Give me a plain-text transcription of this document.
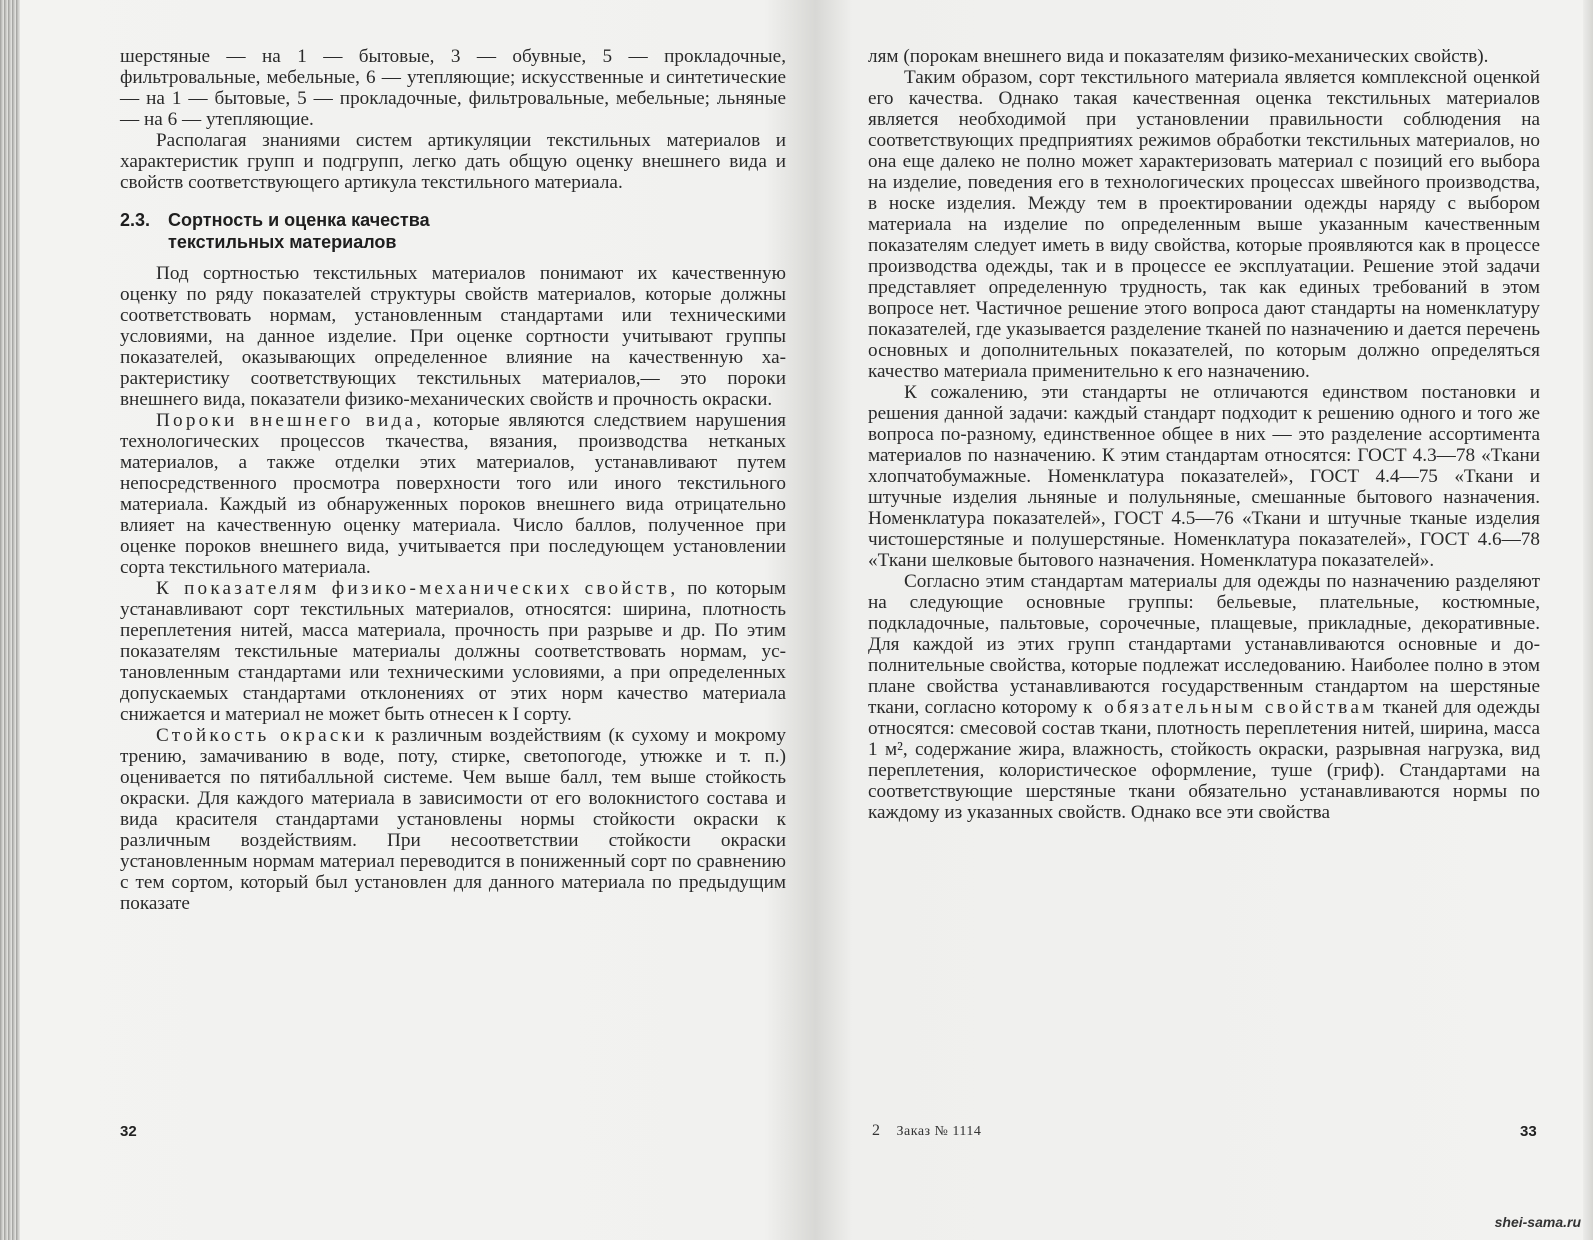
шерстяные — на 1 — бытовые, 3 — обувные, 5 — прокладочные, фильтровальные, мебельные, 6 — утепляющие; искусственные и синтетические — на 1 — бытовые, 5 — прокладочные, фильтровальные, мебельные; льняные — на 6 — утепляющие.

Располагая знаниями систем артикуляции текстильных материалов и характеристик групп и подгрупп, легко дать общую оценку внешнего вида и свойств соответствующего артикула текстильного материала.

2.3. Сортность и оценка качества
текстильных материалов

Под сортностью текстильных материалов понимают их качественную оценку по ряду показателей структуры свойств материалов, которые должны соответствовать нормам, установленным стандартами или техническими условиями, на данное изделие. При оценке сортности учитывают группы показателей, оказывающих определенное влияние на качественную характеристику соответствующих текстильных материалов,— это пороки внешнего вида, показатели физико-механических свойств и прочность окраски.

Пороки внешнего вида, которые являются следствием нарушения технологических процессов ткачества, вязания, производства нетканых материалов, а также отделки этих материалов, устанавливают путем непосредственного просмотра поверхности того или иного текстильного материала. Каждый из обнаруженных пороков внешнего вида отрицательно влияет на качественную оценку материала. Число баллов, полученное при оценке пороков внешнего вида, учитывается при последующем установлении сорта текстильного материала.

К показателям физико-механических свойств, по которым устанавливают сорт текстильных материалов, относятся: ширина, плотность переплетения нитей, масса материала, прочность при разрыве и др. По этим показателям текстильные материалы должны соответствовать нормам, установленным стандартами или техническими условиями, а при определенных допускаемых стандартами отклонениях от этих норм качество материала снижается и материал не может быть отнесен к I сорту.

Стойкость окраски к различным воздействиям (к сухому и мокрому трению, замачиванию в воде, поту, стирке, светопогоде, утюжке и т. п.) оценивается по пятибалльной системе. Чем выше балл, тем выше стойкость окраски. Для каждого материала в зависимости от его волокнистого состава и вида красителя стандартами установлены нормы стойкости окраски к различным воздействиям. При несоответствии стойкости окраски установленным нормам материал переводится в пониженный сорт по сравнению с тем сортом, который был установлен для данного материала по предыдущим показате

32

лям (порокам внешнего вида и показателям физико-механических свойств).

Таким образом, сорт текстильного материала является комплексной оценкой его качества. Однако такая качественная оценка текстильных материалов является необходимой при установлении правильности соблюдения на соответствующих предприятиях режимов обработки текстильных материалов, но она еще далеко не полно может характеризовать материал с позиций его выбора на изделие, поведения его в технологических процессах швейного производства, в носке изделия. Между тем в проектировании одежды наряду с выбором материала на изделие по определенным выше указанным качественным показателям следует иметь в виду свойства, которые проявляются как в процессе производства одежды, так и в процессе ее эксплуатации. Решение этой задачи представляет определенную трудность, так как единых требований в этом вопросе нет. Частичное решение этого вопроса дают стандарты на номенклатуру показателей, где указывается разделение тканей по назначению и дается перечень основных и дополнительных показателей, по которым должно определяться качество материала применительно к его назначению.

К сожалению, эти стандарты не отличаются единством постановки и решения данной задачи: каждый стандарт подходит к решению одного и того же вопроса по-разному, единственное общее в них — это разделение ассортимента материалов по назначению. К этим стандартам относятся: ГОСТ 4.3—78 «Ткани хлопчатобумажные. Номенклатура показателей», ГОСТ 4.4—75 «Ткани и штучные изделия льняные и полульняные, смешанные бытового назначения. Номенклатура показателей», ГОСТ 4.5—76 «Ткани и штучные тканые изделия чистошерстяные и полушерстяные. Номенклатура показателей», ГОСТ 4.6—78 «Ткани шелковые бытового назначения. Номенклатура показателей».

Согласно этим стандартам материалы для одежды по назначению разделяют на следующие основные группы: бельевые, плательные, костюмные, подкладочные, пальтовые, сорочечные, плащевые, прикладные, декоративные. Для каждой из этих групп стандартами устанавливаются основные и дополнительные свойства, которые подлежат исследованию. Наиболее полно в этом плане свойства устанавливаются государственным стандартом на шерстяные ткани, согласно которому к обязательным свойствам тканей для одежды относятся: смесовой состав ткани, плотность переплетения нитей, ширина, масса 1 м², содержание жира, влажность, стойкость окраски, разрывная нагрузка, вид переплетения, колористическое оформление, туше (гриф). Стандартами на соответствующие шерстяные ткани обязательно устанавливаются нормы по каждому из указанных свойств. Однако все эти свойства

2 Заказ № 1114	33
shei-sama.ru
